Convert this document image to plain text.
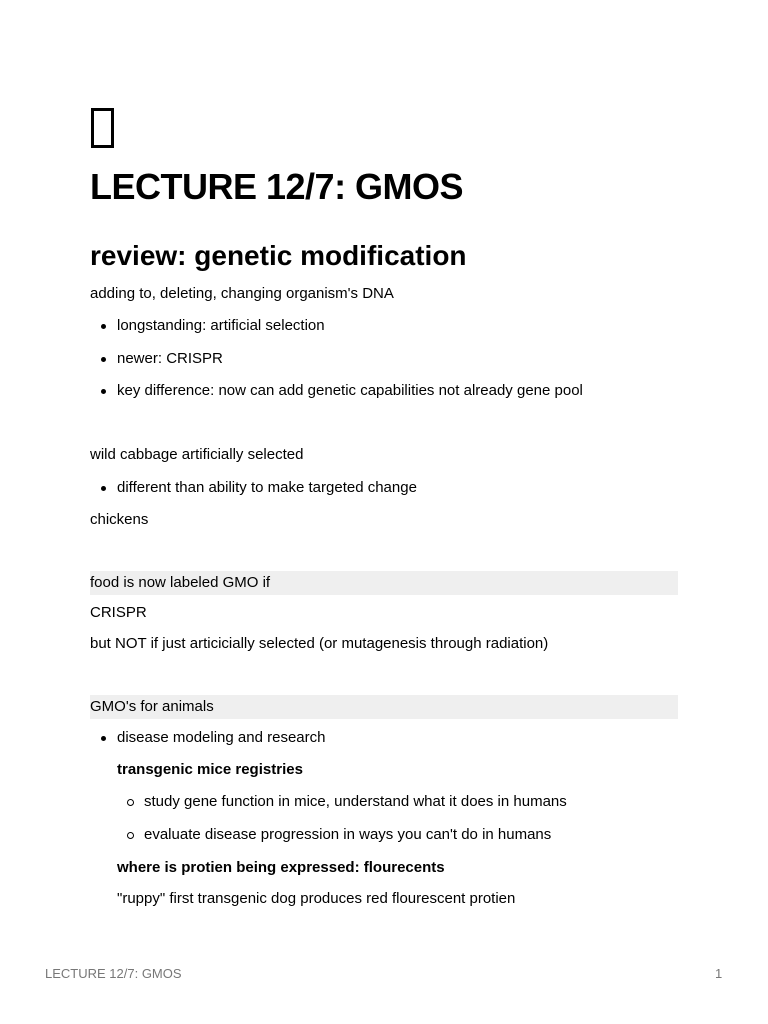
LECTURE 12/7: GMOS
review: genetic modification
adding to, deleting, changing organism's DNA
longstanding: artificial selection
newer: CRISPR
key difference: now can add genetic capabilities not already gene pool
wild cabbage artificially selected
different than ability to make targeted change
chickens
food is now labeled GMO if
CRISPR
but NOT if just articicially selected (or mutagenesis through radiation)
GMO's for animals
disease modeling and research
transgenic mice registries
study gene function in mice, understand what it does in humans
evaluate disease progression in ways you can't do in humans
where is protien being expressed: flourecents
"ruppy" first transgenic dog produces red flourescent protien
LECTURE 12/7: GMOS	1
